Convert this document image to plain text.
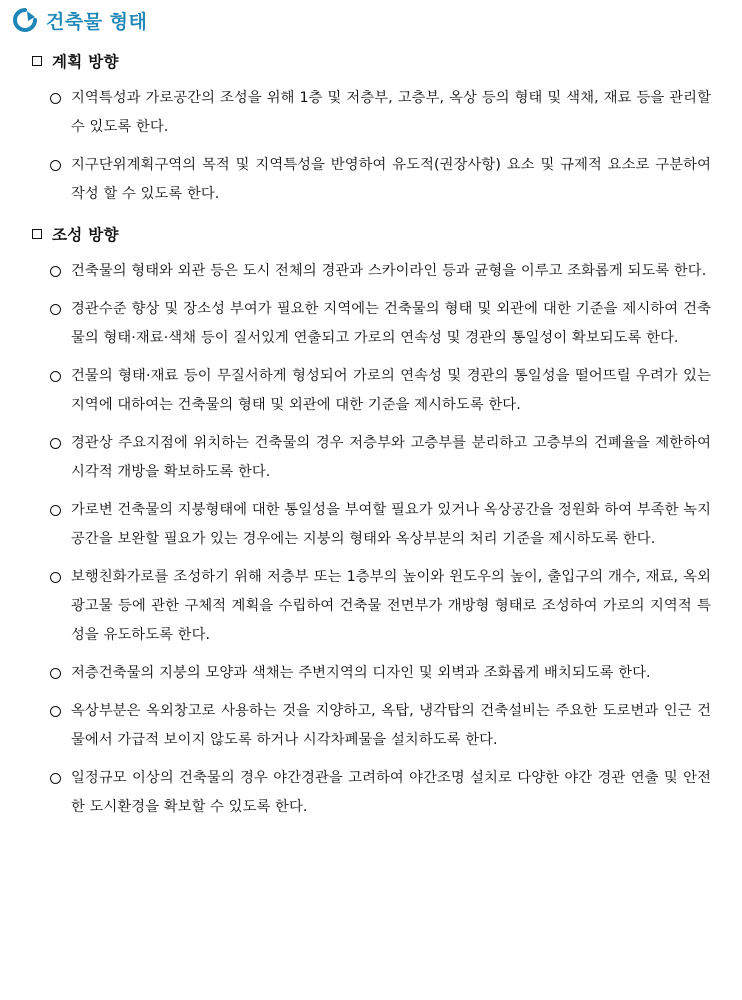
건축물 형태
계획 방향
지역특성과 가로공간의 조성을 위해 1층 및 저층부, 고층부, 옥상 등의 형태 및 색채, 재료 등을 관리할 수 있도록 한다.
지구단위계획구역의 목적 및 지역특성을 반영하여 유도적(권장사항) 요소 및 규제적 요소로 구분하여 작성 할 수 있도록 한다.
조성 방향
건축물의 형태와 외관 등은 도시 전체의 경관과 스카이라인 등과 균형을 이루고 조화롭게 되도록 한다.
경관수준 향상 및 장소성 부여가 필요한 지역에는 건축물의 형태 및 외관에 대한 기준을 제시하여 건축물의 형태·재료·색채 등이 질서있게 연출되고 가로의 연속성 및 경관의 통일성이 확보되도록 한다.
건물의 형태·재료 등이 무질서하게 형성되어 가로의 연속성 및 경관의 통일성을 떨어뜨릴 우려가 있는 지역에 대하여는 건축물의 형태 및 외관에 대한 기준을 제시하도록 한다.
경관상 주요지점에 위치하는 건축물의 경우 저층부와 고층부를 분리하고 고층부의 건폐율을 제한하여 시각적 개방을 확보하도록 한다.
가로변 건축물의 지붕형태에 대한 통일성을 부여할 필요가 있거나 옥상공간을 정원화 하여 부족한 녹지공간을 보완할 필요가 있는 경우에는 지붕의 형태와 옥상부분의 처리 기준을 제시하도록 한다.
보행친화가로를 조성하기 위해 저층부 또는 1층부의 높이와 윈도우의 높이, 출입구의 개수, 재료, 옥외광고물 등에 관한 구체적 계획을 수립하여 건축물 전면부가 개방형 형태로 조성하여 가로의 지역적 특성을 유도하도록 한다.
저층건축물의 지붕의 모양과 색채는 주변지역의 디자인 및 외벽과 조화롭게 배치되도록 한다.
옥상부분은 옥외창고로 사용하는 것을 지양하고, 옥탑, 냉각탑의 건축설비는 주요한 도로변과 인근 건물에서 가급적 보이지 않도록 하거나 시각차폐물을 설치하도록 한다.
일정규모 이상의 건축물의 경우 야간경관을 고려하여 야간조명 설치로 다양한 야간 경관 연출 및 안전한 도시환경을 확보할 수 있도록 한다.
